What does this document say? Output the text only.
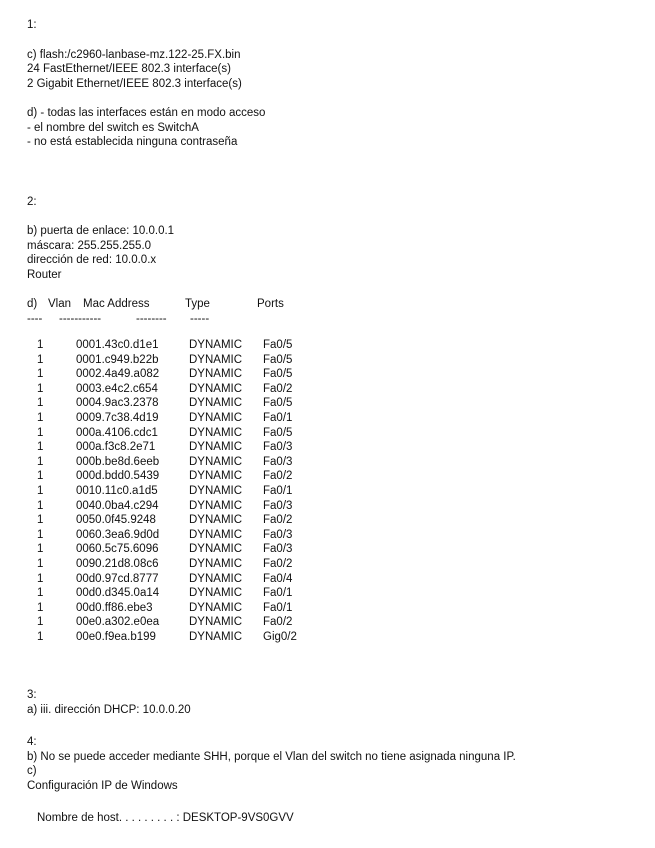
1:
c) flash:/c2960-lanbase-mz.122-25.FX.bin
24 FastEthernet/IEEE 802.3 interface(s)
2 Gigabit Ethernet/IEEE 802.3 interface(s)
d) - todas las interfaces están en modo acceso
- el nombre del switch es SwitchA
- no está establecida ninguna contraseña
2:
b) puerta de enlace: 10.0.0.1
máscara: 255.255.255.0
dirección de red: 10.0.0.x
Router
d) Vlan	Mac Address	Type	Ports
----	-----------	--------	-----
1	0001.43c0.d1e1	DYNAMIC	Fa0/5
1	0001.c949.b22b	DYNAMIC	Fa0/5
1	0002.4a49.a082	DYNAMIC	Fa0/5
1	0003.e4c2.c654	DYNAMIC	Fa0/2
1	0004.9ac3.2378	DYNAMIC	Fa0/5
1	0009.7c38.4d19	DYNAMIC	Fa0/1
1	000a.4106.cdc1	DYNAMIC	Fa0/5
1	000a.f3c8.2e71	DYNAMIC	Fa0/3
1	000b.be8d.6eeb	DYNAMIC	Fa0/3
1	000d.bdd0.5439	DYNAMIC	Fa0/2
1	0010.11c0.a1d5	DYNAMIC	Fa0/1
1	0040.0ba4.c294	DYNAMIC	Fa0/3
1	0050.0f45.9248	DYNAMIC	Fa0/2
1	0060.3ea6.9d0d	DYNAMIC	Fa0/3
1	0060.5c75.6096	DYNAMIC	Fa0/3
1	0090.21d8.08c6	DYNAMIC	Fa0/2
1	00d0.97cd.8777	DYNAMIC	Fa0/4
1	00d0.d345.0a14	DYNAMIC	Fa0/1
1	00d0.ff86.ebe3	DYNAMIC	Fa0/1
1	00e0.a302.e0ea	DYNAMIC	Fa0/2
1	00e0.f9ea.b199	DYNAMIC	Gig0/2
3:
a) iii. dirección DHCP: 10.0.0.20
4:
b) No se puede acceder mediante SHH, porque el Vlan del switch no tiene asignada ninguna IP.
c)
Configuración IP de Windows
Nombre de host. . . . . . . . . : DESKTOP-9VS0GVV
